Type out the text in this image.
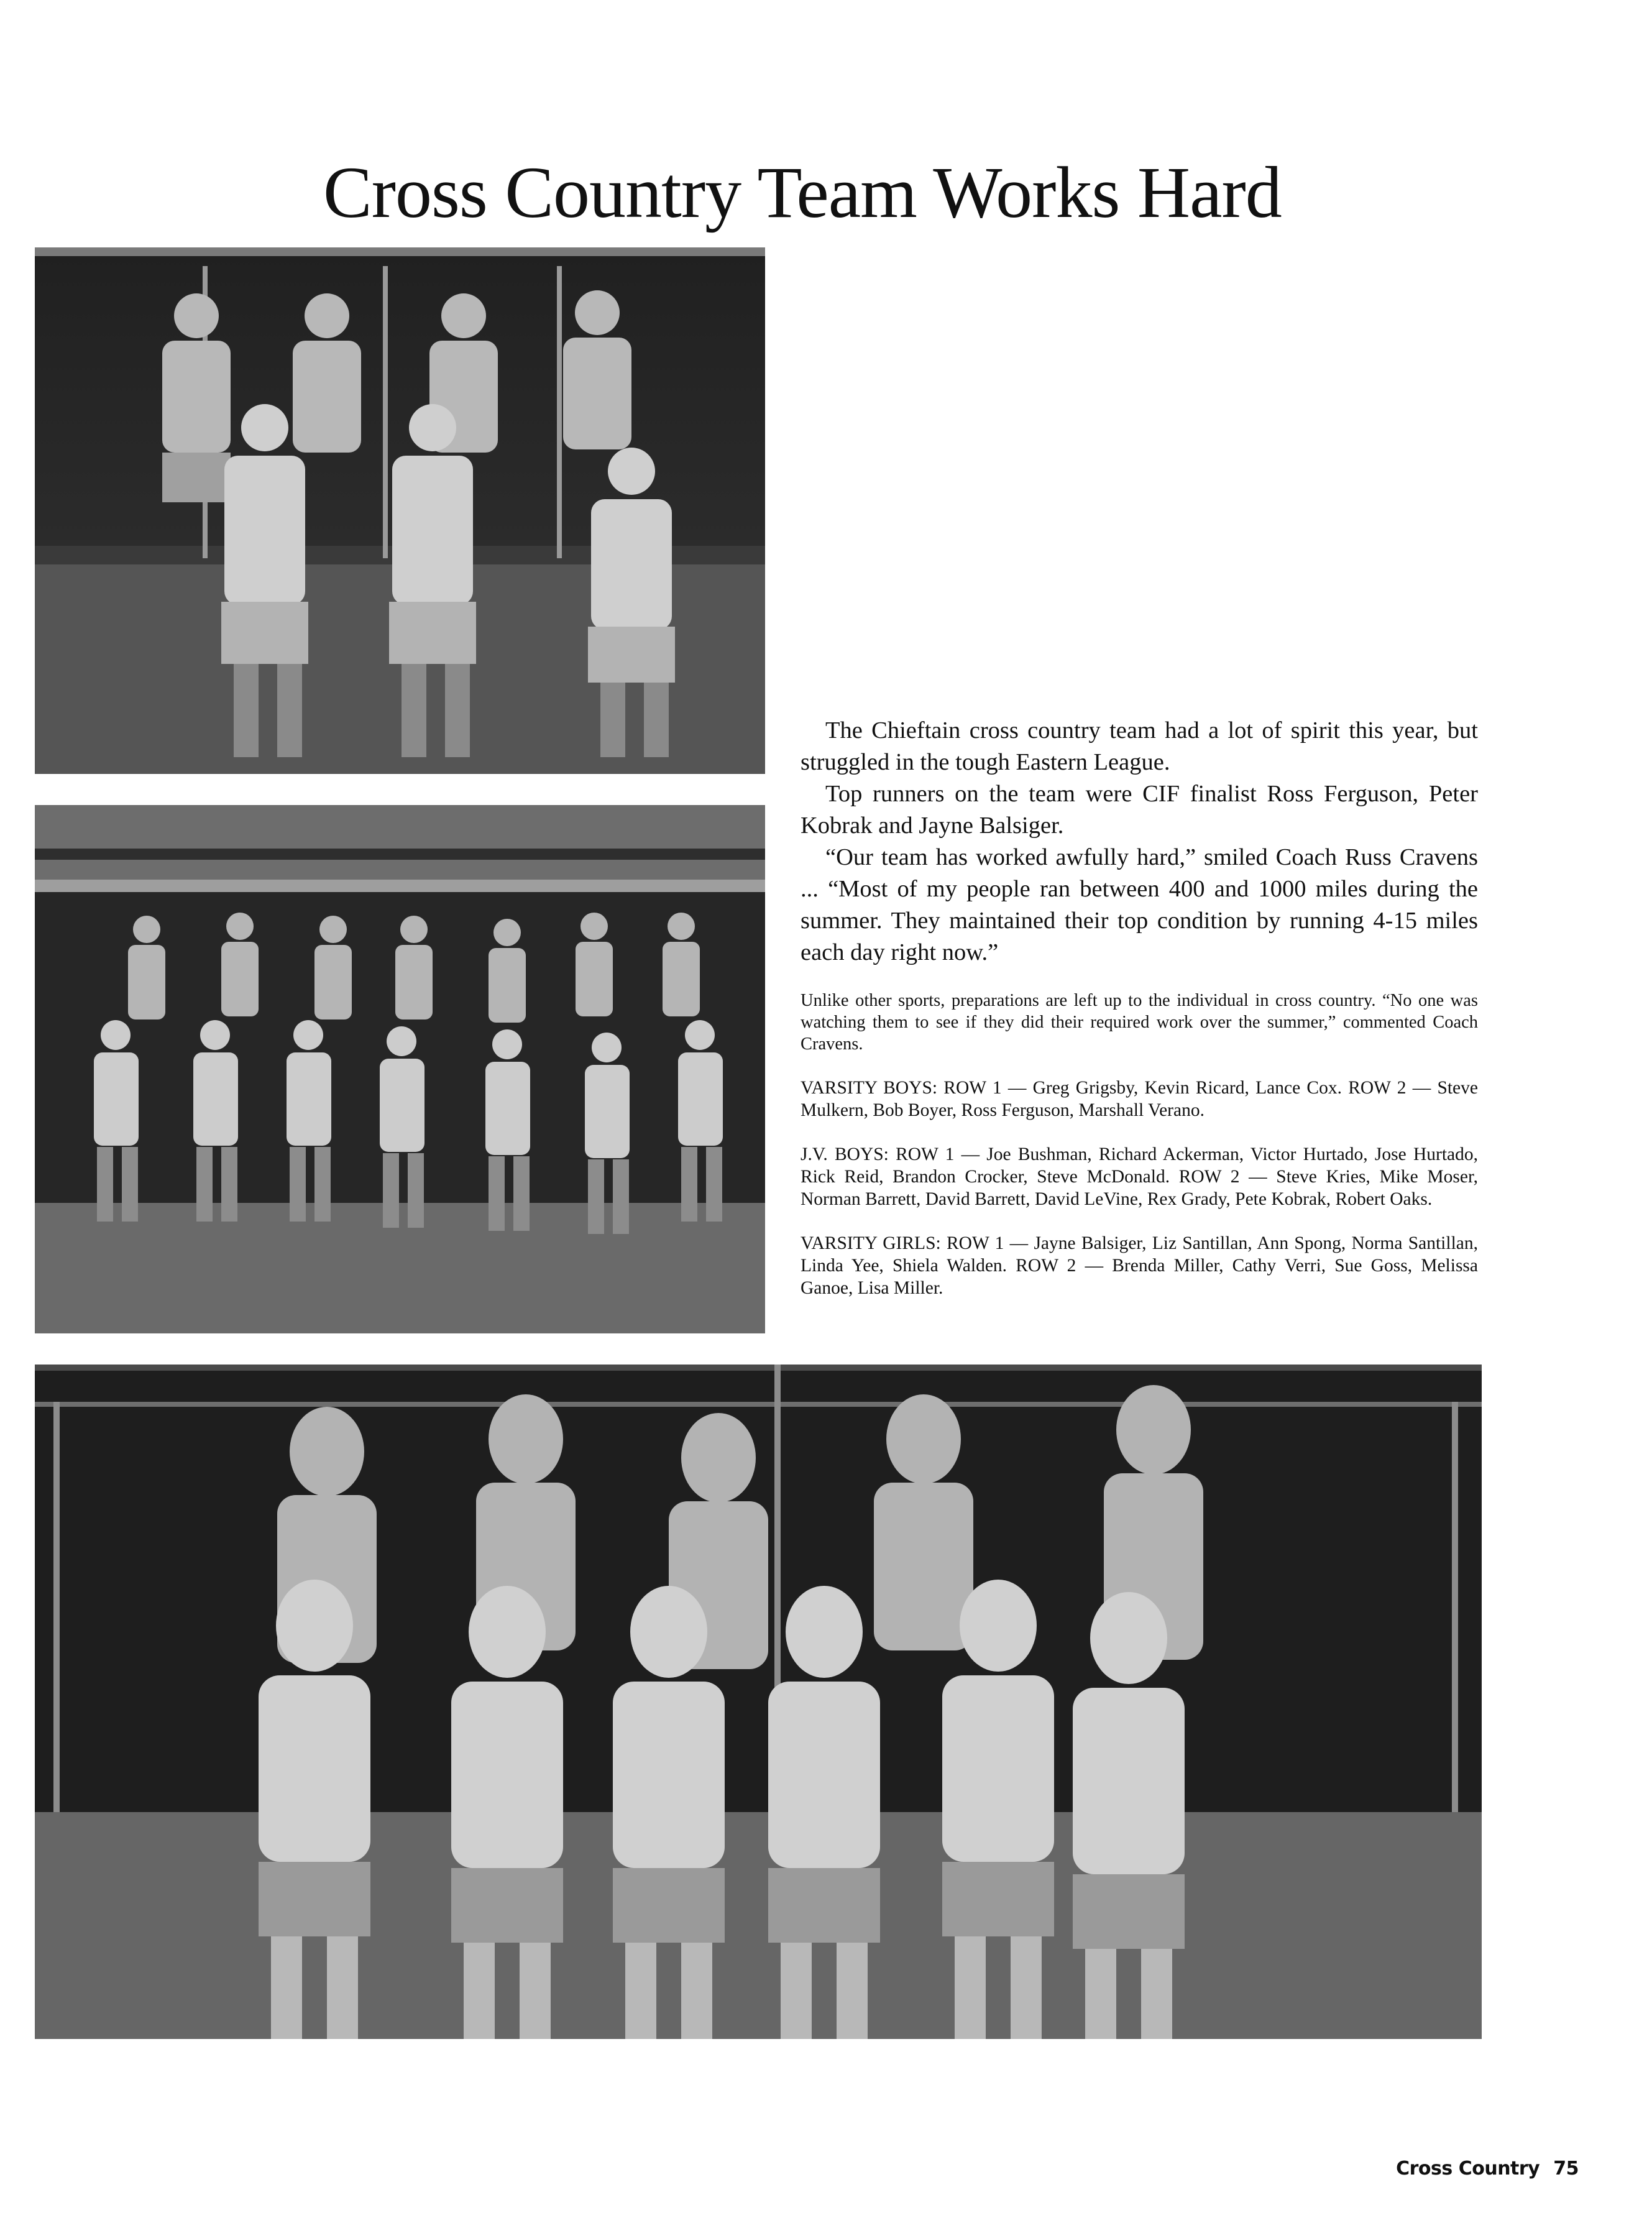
Cross Country Team Works Hard

The Chieftain cross country team had a lot of spirit this year, but struggled in the tough Eastern League.

Top runners on the team were CIF finalist Ross Ferguson, Peter Kobrak and Jayne Balsiger.

“Our team has worked awfully hard,” smiled Coach Russ Cravens ... “Most of my people ran between 400 and 1000 miles during the summer. They maintained their top condition by running 4-15 miles each day right now.”

Unlike other sports, preparations are left up to the individual in cross country. “No one was watching them to see if they did their required work over the summer,” commented Coach Cravens.
VARSITY BOYS: ROW 1 — Greg Grigsby, Kevin Ricard, Lance Cox. ROW 2 — Steve Mulkern, Bob Boyer, Ross Ferguson, Marshall Verano.
J.V. BOYS: ROW 1 — Joe Bushman, Richard Ackerman, Victor Hurtado, Jose Hurtado, Rick Reid, Brandon Crocker, Steve McDonald. ROW 2 — Steve Kries, Mike Moser, Norman Barrett, David Barrett, David LeVine, Rex Grady, Pete Kobrak, Robert Oaks.
VARSITY GIRLS: ROW 1 — Jayne Balsiger, Liz Santillan, Ann Spong, Norma Santillan, Linda Yee, Shiela Walden. ROW 2 — Brenda Miller, Cathy Verri, Sue Goss, Melissa Ganoe, Lisa Miller.
Cross Country 75
